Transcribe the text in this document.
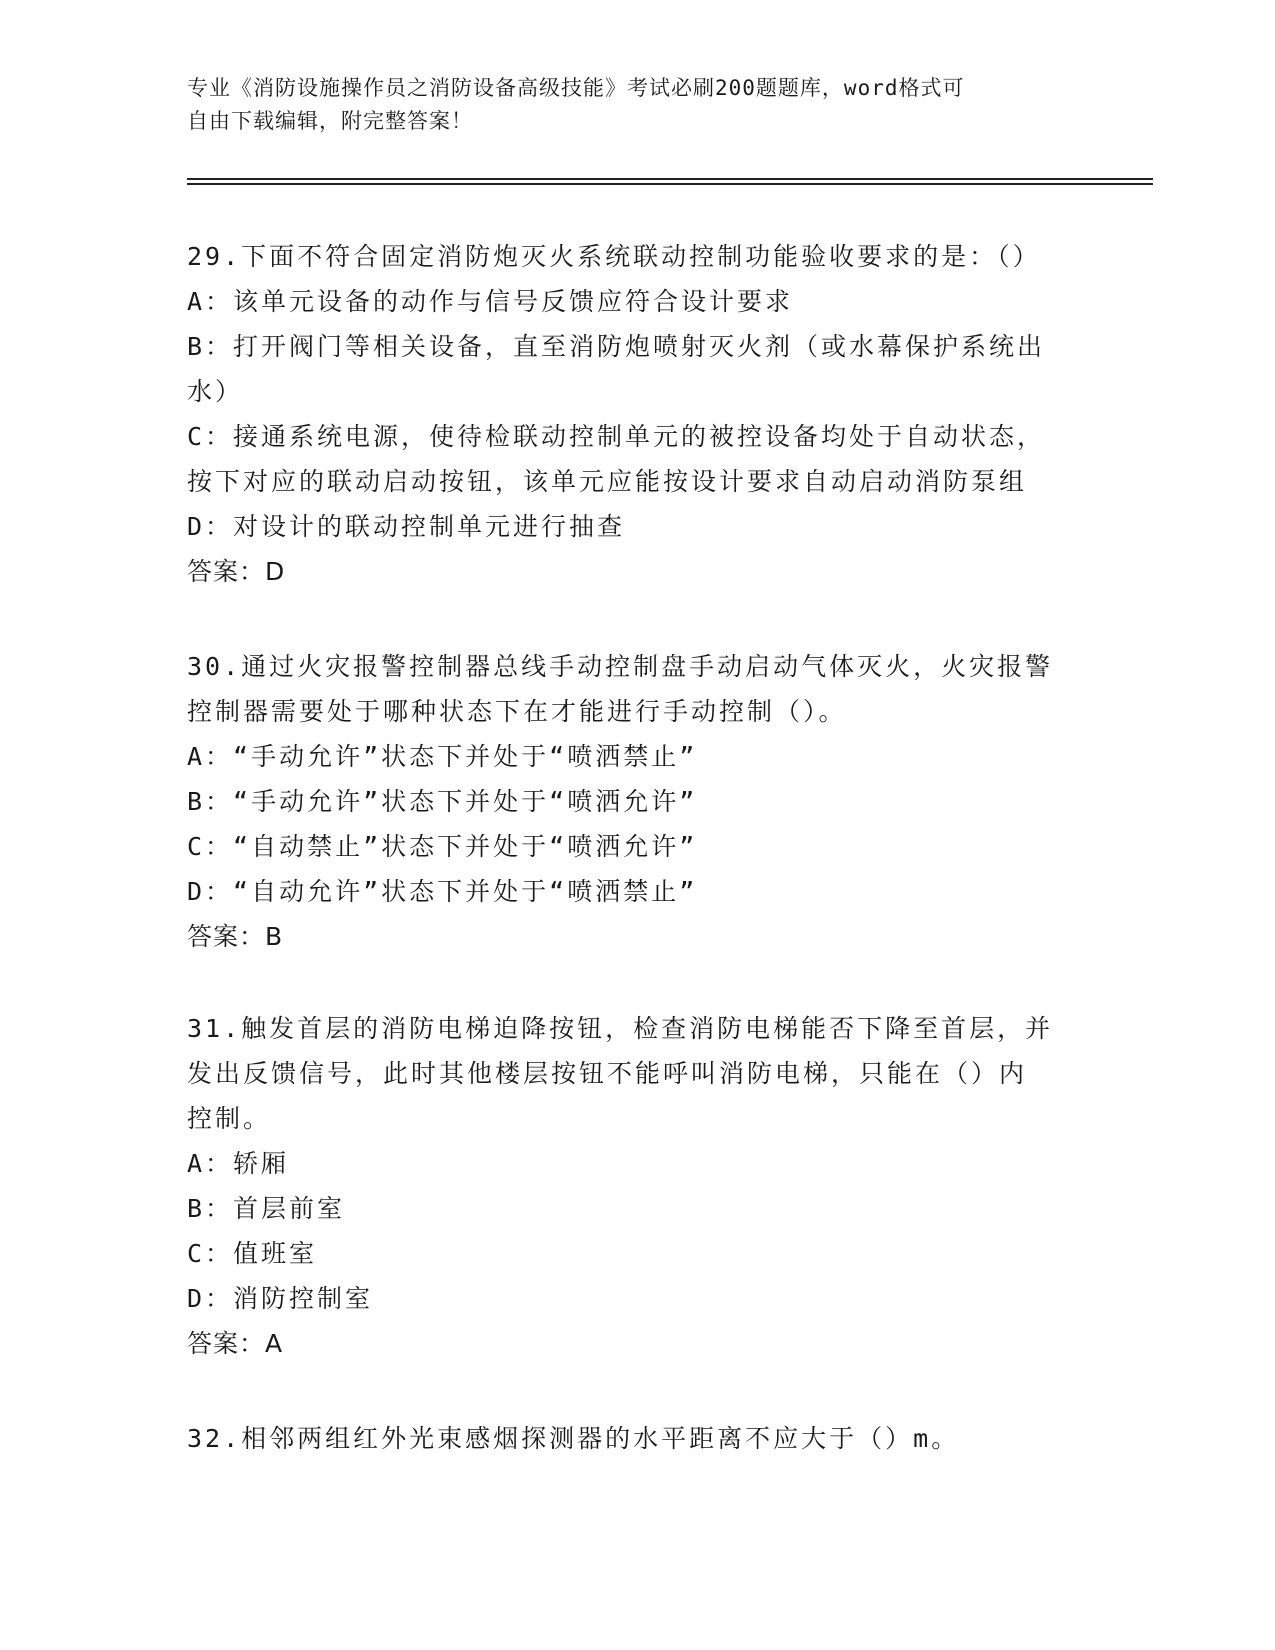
专业《消防设施操作员之消防设备高级技能》考试必刷200题题库，word格式可
自由下载编辑，附完整答案！
29.下面不符合固定消防炮灭火系统联动控制功能验收要求的是：（）
A：该单元设备的动作与信号反馈应符合设计要求
B：打开阀门等相关设备，直至消防炮喷射灭火剂（或水幕保护系统出
水）
C：接通系统电源，使待检联动控制单元的被控设备均处于自动状态，
按下对应的联动启动按钮，该单元应能按设计要求自动启动消防泵组
D：对设计的联动控制单元进行抽查
答案：D
30.通过火灾报警控制器总线手动控制盘手动启动气体灭火，火灾报警
控制器需要处于哪种状态下在才能进行手动控制（）。
A：“手动允许”状态下并处于“喷洒禁止”
B：“手动允许”状态下并处于“喷洒允许”
C：“自动禁止”状态下并处于“喷洒允许”
D：“自动允许”状态下并处于“喷洒禁止”
答案：B
31.触发首层的消防电梯迫降按钮，检查消防电梯能否下降至首层，并
发出反馈信号，此时其他楼层按钮不能呼叫消防电梯，只能在（）内
控制。
A：轿厢
B：首层前室
C：值班室
D：消防控制室
答案：A
32.相邻两组红外光束感烟探测器的水平距离不应大于（）m。
